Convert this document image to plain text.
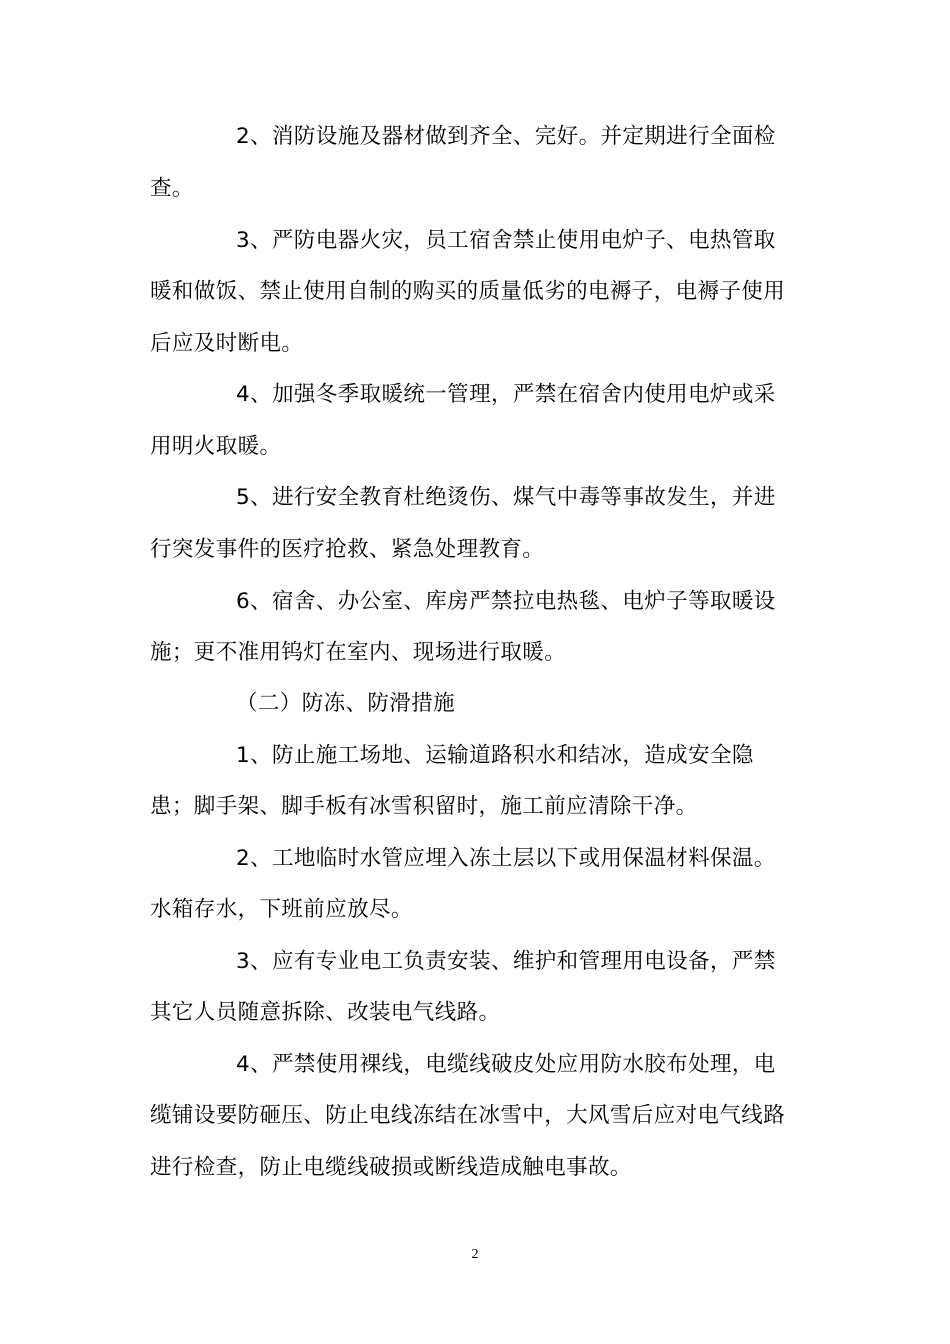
2、消防设施及器材做到齐全、完好。并定期进行全面检
查。
3、严防电器火灾，员工宿舍禁止使用电炉子、电热管取
暖和做饭、禁止使用自制的购买的质量低劣的电褥子，电褥子使用
后应及时断电。
4、加强冬季取暖统一管理，严禁在宿舍内使用电炉或采
用明火取暖。
5、进行安全教育杜绝烫伤、煤气中毒等事故发生，并进
行突发事件的医疗抢救、紧急处理教育。
6、宿舍、办公室、库房严禁拉电热毯、电炉子等取暖设
施；更不准用钨灯在室内、现场进行取暖。
（二）防冻、防滑措施
1、防止施工场地、运输道路积水和结冰，造成安全隐
患；脚手架、脚手板有冰雪积留时，施工前应清除干净。
2、工地临时水管应埋入冻土层以下或用保温材料保温。
水箱存水，下班前应放尽。
3、应有专业电工负责安装、维护和管理用电设备，严禁
其它人员随意拆除、改装电气线路。
4、严禁使用裸线，电缆线破皮处应用防水胶布处理，电
缆铺设要防砸压、防止电线冻结在冰雪中，大风雪后应对电气线路
进行检查，防止电缆线破损或断线造成触电事故。
2
